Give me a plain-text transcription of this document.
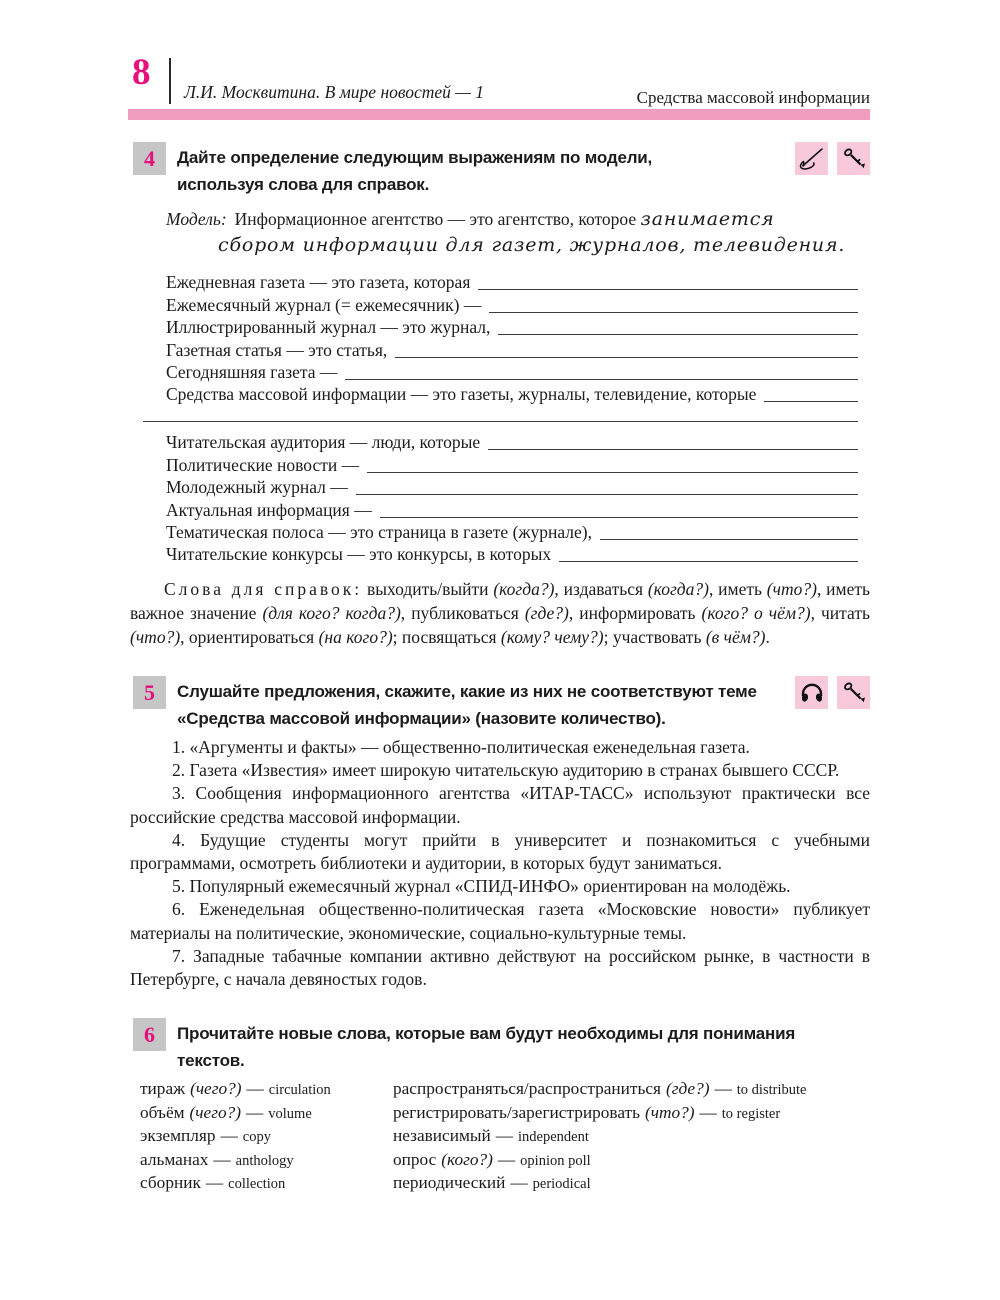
8 Л.И. Москвитина. В мире новостей — 1	Средства массовой информации
4	Дайте определение следующим выражениям по модели,
используя слова для справок.
Модель: Информационное агентство — это агентство, которое занимается
сбором информации для газет, журналов, телевидения.
Ежедневная газета — это газета, которая
Ежемесячный журнал (= ежемесячник) —
Иллюстрированный журнал — это журнал,
Газетная статья — это статья,
Сегодняшняя газета —
Средства массовой информации — это газеты, журналы, телевидение, которые
Читательская аудитория — люди, которые
Политические новости —
Молодежный журнал —
Актуальная информация —
Тематическая полоса — это страница в газете (журнале),
Читательские конкурсы — это конкурсы, в которых
Слова для справок: выходить/выйти (когда?), издаваться (когда?), иметь (что?), иметь важное значение (для кого? когда?), публиковаться (где?), информировать (кого? о чём?), читать (что?), ориентироваться (на кого?); посвящаться (кому? чему?); участвовать (в чём?).
5	Слушайте предложения, скажите, какие из них не соответствуют теме
«Средства массовой информации» (назовите количество).

1. «Аргументы и факты» — общественно-политическая еженедельная газета.

2. Газета «Известия» имеет широкую читательскую аудиторию в странах бывшего СССР.

3. Сообщения информационного агентства «ИТАР-ТАСС» используют практически все российские средства массовой информации.

4. Будущие студенты могут прийти в университет и познакомиться с учебными программами, осмотреть библиотеки и аудитории, в которых будут заниматься.

5. Популярный ежемесячный журнал «СПИД-ИНФО» ориентирован на молодёжь.

6. Еженедельная общественно-политическая газета «Московские новости» публикует материалы на политические, экономические, социально-культурные темы.

7. Западные табачные компании активно действуют на российском рынке, в частности в Петербурге, с начала девяностых годов.

6	Прочитайте новые слова, которые вам будут необходимы для понимания текстов.
тираж (чего?) — circulation
объём (чего?) — volume
экземпляр — copy
альманах — anthology
сборник — collection
распространяться/распространиться (где?) — to distribute
регистрировать/зарегистрировать (что?) — to register
независимый — independent
опрос (кого?) — opinion poll
периодический — periodical
